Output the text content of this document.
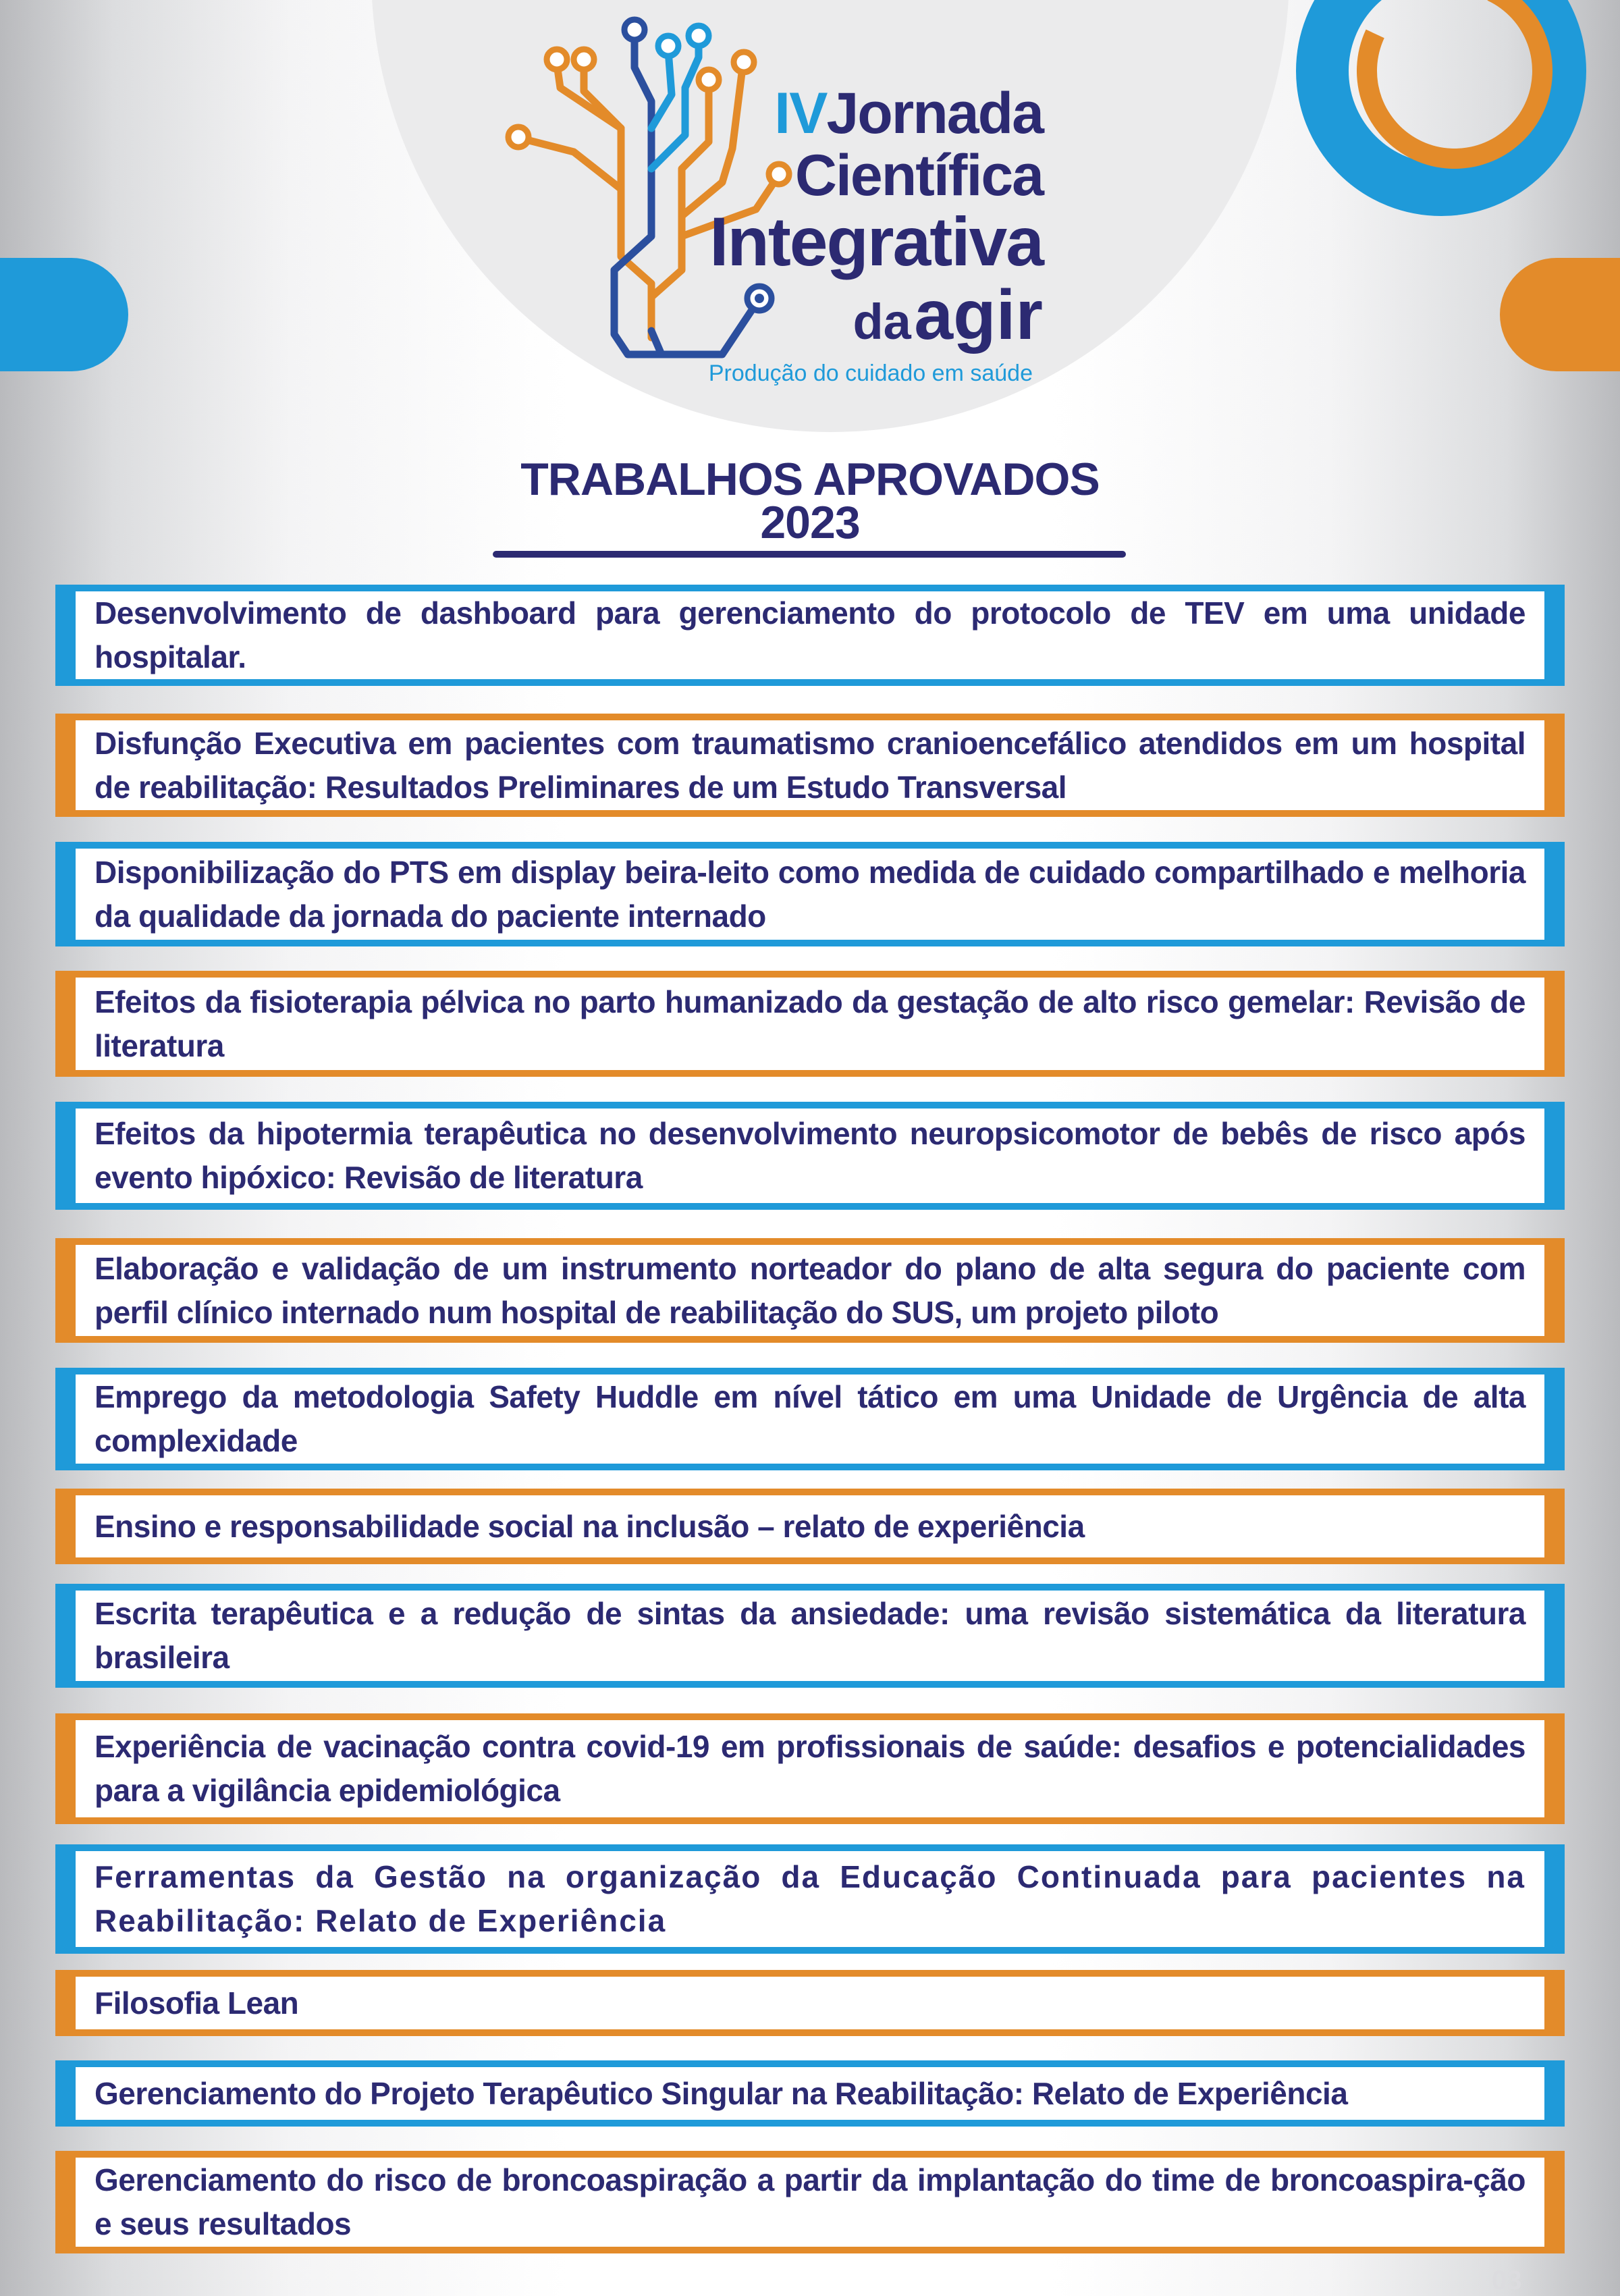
IVJornada
Científica
Integrativa
da agir
Produção do cuidado em saúde
TRABALHOS APROVADOS
2023
Desenvolvimento de dashboard para gerenciamento do protocolo de TEV em uma unidade hospitalar.
Disfunção Executiva em pacientes com traumatismo cranioencefálico atendidos em um hospital de reabilitação: Resultados Preliminares de um Estudo Transversal
Disponibilização do PTS em display beira-leito como medida de cuidado compartilhado e melhoria da qualidade da jornada do paciente internado
Efeitos da fisioterapia pélvica no parto humanizado da gestação de alto risco gemelar: Revisão de literatura
Efeitos da hipotermia terapêutica no desenvolvimento neuropsicomotor de bebês de risco após evento hipóxico: Revisão de literatura
Elaboração e validação de um instrumento norteador do plano de alta segura do paciente com perfil clínico internado num hospital de reabilitação do SUS, um projeto piloto
Emprego da metodologia Safety Huddle em nível tático em uma Unidade de Urgência de alta complexidade
Ensino e responsabilidade social na inclusão – relato de experiência
Escrita terapêutica e a redução de sintas da ansiedade: uma revisão sistemática da literatura brasileira
Experiência de vacinação contra covid-19 em profissionais de saúde: desafios e potencialidades para a vigilância epidemiológica
Ferramentas da Gestão na organização da Educação Continuada para pacientes na Reabilitação: Relato de Experiência
Filosofia Lean
Gerenciamento do Projeto Terapêutico Singular na Reabilitação: Relato de Experiência
Gerenciamento do risco de broncoaspiração a partir da implantação do time de broncoaspira-ção e seus resultados
03
